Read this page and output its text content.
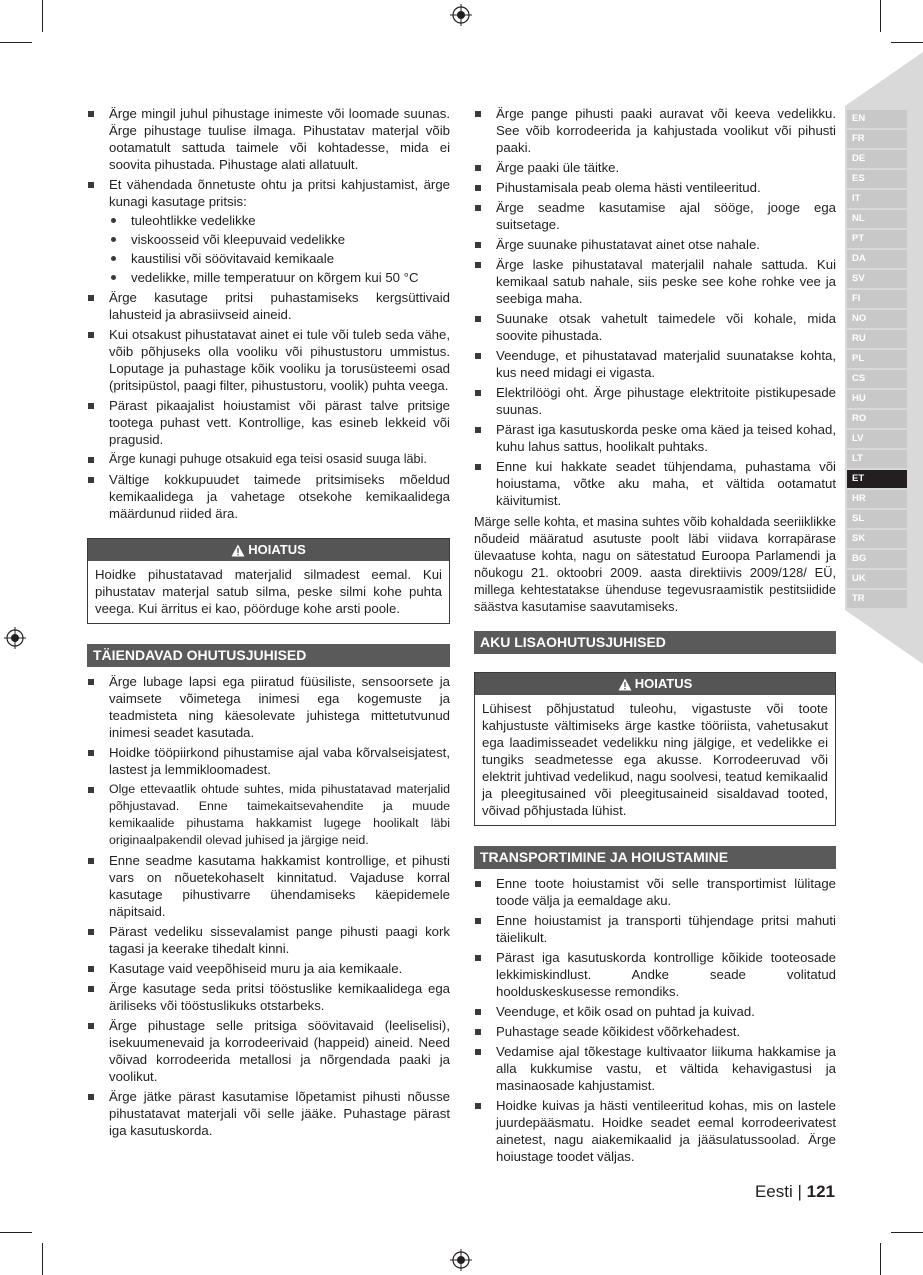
EN
FR
DE
ES
IT
NL
PT
DA
SV
FI
NO
RU
PL
CS
HU
RO
LV
LT
ET
HR
SL
SK
BG
UK
TR
Ärge mingil juhul pihustage inimeste või loomade suunas. Ärge pihustage tuulise ilmaga. Pihustatav materjal võib ootamatult sattuda taimele või kohtadesse, mida ei soovita pihustada. Pihustage alati allatuult.
Et vähendada õnnetuste ohtu ja pritsi kahjustamist, ärge kunagi kasutage pritsis:
tuleohtlikke vedelikke
viskoosseid või kleepuvaid vedelikke
kaustilisi või söövitavaid kemikaale
vedelikke, mille temperatuur on kõrgem kui 50 °C
Ärge kasutage pritsi puhastamiseks kergsüttivaid lahusteid ja abrasiivseid aineid.
Kui otsakust pihustatavat ainet ei tule või tuleb seda vähe, võib põhjuseks olla vooliku või pihustustoru ummistus. Loputage ja puhastage kõik vooliku ja torusüsteemi osad (pritsipüstol, paagi filter, pihustustoru, voolik) puhta veega.
Pärast pikaajalist hoiustamist või pärast talve pritsige tootega puhast vett. Kontrollige, kas esineb lekkeid või pragusid.
Ärge kunagi puhuge otsakuid ega teisi osasid suuga läbi.
Vältige kokkupuudet taimede pritsimiseks mõeldud kemikaalidega ja vahetage otsekohe kemikaalidega määrdunud riided ära.
HOIATUS
Hoidke pihustatavad materjalid silmadest eemal. Kui pihustatav materjal satub silma, peske silmi kohe puhta veega. Kui ärritus ei kao, pöörduge kohe arsti poole.
TÄIENDAVAD OHUTUSJUHISED
Ärge lubage lapsi ega piiratud füüsiliste, sensoorsete ja vaimsete võimetega inimesi ega kogemuste ja teadmisteta ning käesolevate juhistega mittetutvunud inimesi seadet kasutada.
Hoidke tööpiirkond pihustamise ajal vaba kõrvalseisjatest, lastest ja lemmikloomadest.
Olge ettevaatlik ohtude suhtes, mida pihustatavad materjalid põhjustavad. Enne taimekaitsevahendite ja muude kemikaalide pihustama hakkamist lugege hoolikalt läbi originaalpakendil olevad juhised ja järgige neid.
Enne seadme kasutama hakkamist kontrollige, et pihusti vars on nõuetekohaselt kinnitatud. Vajaduse korral kasutage pihustivarre ühendamiseks käepidemele näpitsaid.
Pärast vedeliku sissevalamist pange pihusti paagi kork tagasi ja keerake tihedalt kinni.
Kasutage vaid veepõhiseid muru ja aia kemikaale.
Ärge kasutage seda pritsi tööstuslike kemikaalidega ega äriliseks või tööstuslikuks otstarbeks.
Ärge pihustage selle pritsiga söövitavaid (leeliselisi), isekuumenevaid ja korrodeerivaid (happeid) aineid. Need võivad korrodeerida metallosi ja nõrgendada paaki ja voolikut.
Ärge jätke pärast kasutamise lõpetamist pihusti nõusse pihustatavat materjali või selle jääke. Puhastage pärast iga kasutuskorda.
Ärge pange pihusti paaki auravat või keeva vedelikku. See võib korrodeerida ja kahjustada voolikut või pihusti paaki.
Ärge paaki üle täitke.
Pihustamisala peab olema hästi ventileeritud.
Ärge seadme kasutamise ajal sööge, jooge ega suitsetage.
Ärge suunake pihustatavat ainet otse nahale.
Ärge laske pihustataval materjalil nahale sattuda. Kui kemikaal satub nahale, siis peske see kohe rohke vee ja seebiga maha.
Suunake otsak vahetult taimedele või kohale, mida soovite pihustada.
Veenduge, et pihustatavad materjalid suunatakse kohta, kus need midagi ei vigasta.
Elektrilöögi oht. Ärge pihustage elektritoite pistikupesade suunas.
Pärast iga kasutuskorda peske oma käed ja teised kohad, kuhu lahus sattus, hoolikalt puhtaks.
Enne kui hakkate seadet tühjendama, puhastama või hoiustama, võtke aku maha, et vältida ootamatut käivitumist.
Märge selle kohta, et masina suhtes võib kohaldada seeriiklikke nõudeid määratud asutuste poolt läbi viidava korrapärase ülevaatuse kohta, nagu on sätestatud Euroopa Parlamendi ja nõukogu 21. oktoobri 2009. aasta direktiivis 2009/128/ EÜ, millega kehtestatakse ühenduse tegevusraamistik pestitsiidide säästva kasutamise saavutamiseks.
AKU LISAOHUTUSJUHISED
HOIATUS
Lühisest põhjustatud tuleohu, vigastuste või toote kahjustuste vältimiseks ärge kastke tööriista, vahetusakut ega laadimisseadet vedelikku ning jälgige, et vedelikke ei tungiks seadmetesse ega akusse. Korrodeeruvad või elektrit juhtivad vedelikud, nagu soolvesi, teatud kemikaalid ja pleegitusained või pleegitusaineid sisaldavad tooted, võivad põhjustada lühist.
TRANSPORTIMINE JA HOIUSTAMINE
Enne toote hoiustamist või selle transportimist lülitage toode välja ja eemaldage aku.
Enne hoiustamist ja transporti tühjendage pritsi mahuti täielikult.
Pärast iga kasutuskorda kontrollige kõikide tooteosade lekkimiskindlust. Andke seade volitatud hoolduskeskusesse remondiks.
Veenduge, et kõik osad on puhtad ja kuivad.
Puhastage seade kõikidest võõrkehadest.
Vedamise ajal tõkestage kultivaator liikuma hakkamise ja alla kukkumise vastu, et vältida kehavigastusi ja masinaosade kahjustamist.
Hoidke kuivas ja hästi ventileeritud kohas, mis on lastele juurdepääsmatu. Hoidke seadet eemal korrodeerivatest ainetest, nagu aiakemikaalid ja jääsulatussoolad. Ärge hoiustage toodet väljas.
Eesti | 121
